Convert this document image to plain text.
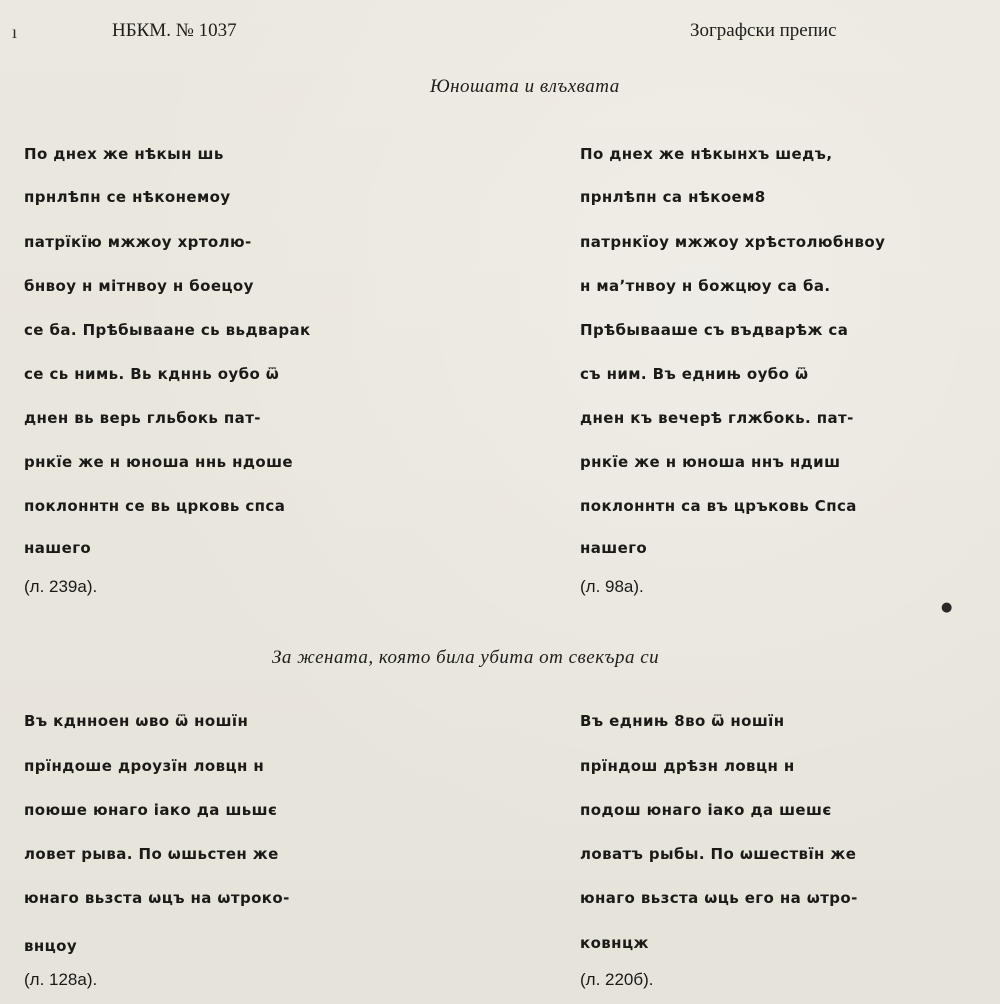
ı	НБКМ. № 1037	Зографски препис
Юношата и влъхвата
По днех же нѣкын шь
прнлѣпн се нѣконемоу
патрїкїю мжжоу хртолю-
бнвоу н мітнвоу н боецоу
се ба. Прѣбываане сь вьдварак
се сь нимь. Вь кдннь оубо ѿ
днен вь верь гльбокь пат-
рнкїе же н юноша ннь ндоше
поклоннтн се вь црковь спса
нашего
(л. 239а).
По днех же нѣкынхъ шедъ,
прнлѣпн са нѣкоем8
патрнкїоу мжжоу хрѣстолюбнвоу
н маʼтнвоу н божцюу са ба.
Прѣбывааше съ въдварѣж са
съ ним. Въ еднињ оубо ѿ
днен къ вечерѣ глжбокь. пат-
рнкїе же н юноша ннъ ндиш
поклоннтн са въ цръковь Спса
нашего
(л. 98а).
●
За жената, която била убита от свекъра си
Въ кднноен ѡво ѿ ношїн
прїндоше дроузїн ловцн н
поюше юнаго іако да шьшє
ловет рыва. По ѡшьстен же
юнаго вьзста ѡцъ на ѡтроко-
внцоу
(л. 128а).
Въ еднињ 8во ѿ ношїн
прїндош дрѣзн ловцн н
подош юнаго іако да шешє
ловатъ рыбы. По ѡшествїн же
юнаго вьзста ѡць его на ѡтро-
ковнцж
(л. 220б).
